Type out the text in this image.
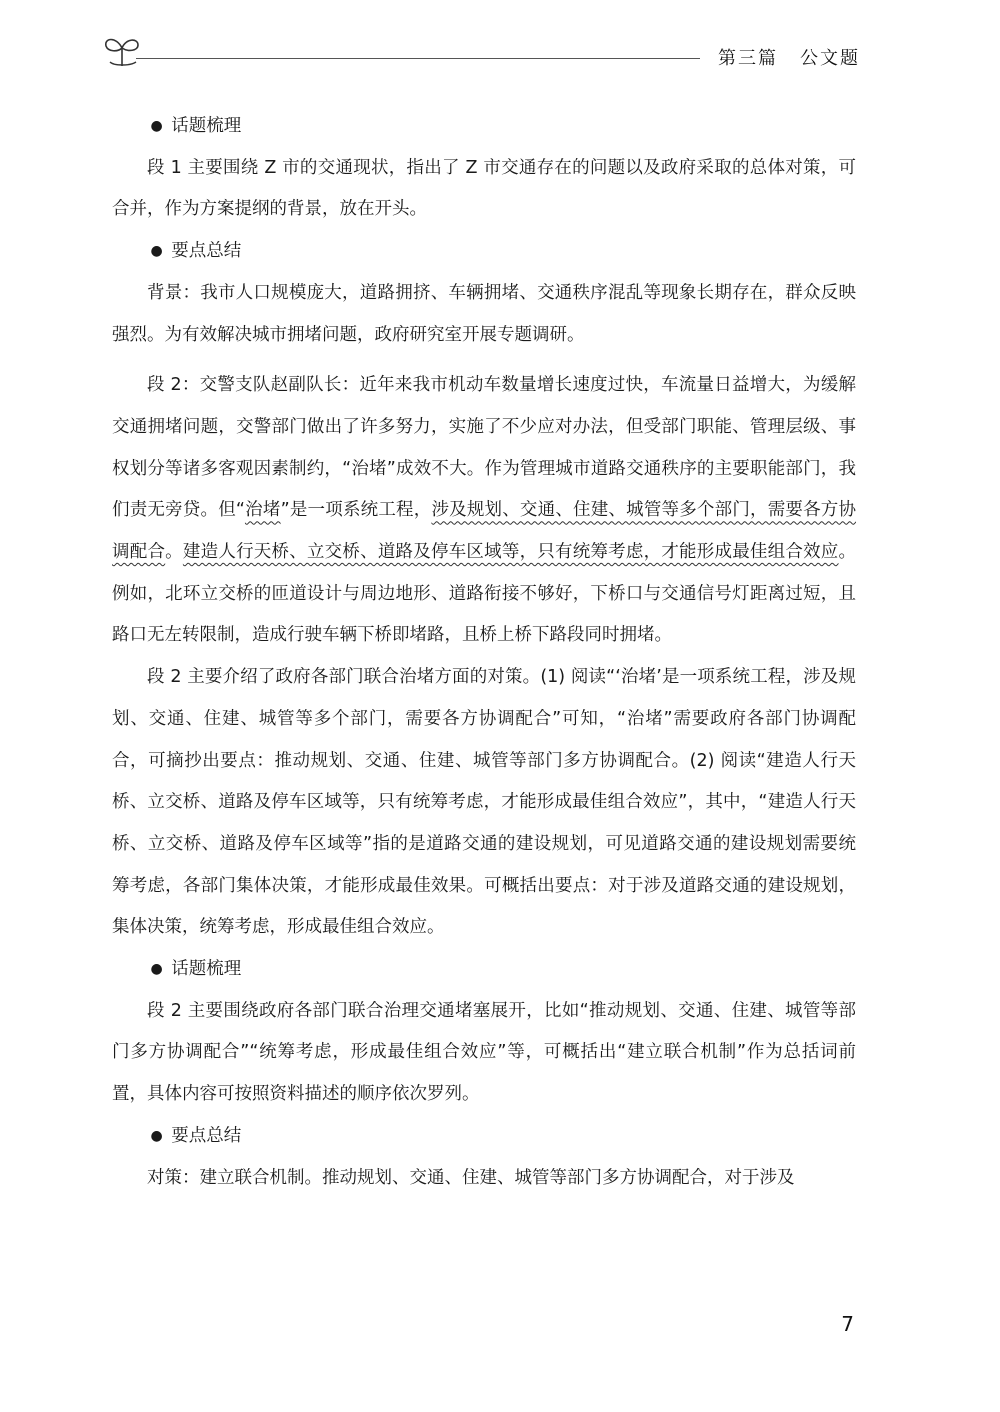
第三篇 公文题

● 话题梳理

段 1 主要围绕 Z 市的交通现状，指出了 Z 市交通存在的问题以及政府采取的总体对策，可合并，作为方案提纲的背景，放在开头。

● 要点总结

背景：我市人口规模庞大，道路拥挤、车辆拥堵、交通秩序混乱等现象长期存在，群众反映强烈。为有效解决城市拥堵问题，政府研究室开展专题调研。

段 2：交警支队赵副队长：近年来我市机动车数量增长速度过快，车流量日益增大，为缓解交通拥堵问题，交警部门做出了许多努力，实施了不少应对办法，但受部门职能、管理层级、事权划分等诸多客观因素制约，“治堵”成效不大。作为管理城市道路交通秩序的主要职能部门，我们责无旁贷。但“治堵”是一项系统工程，涉及规划、交通、住建、城管等多个部门，需要各方协调配合。建造人行天桥、立交桥、道路及停车区域等，只有统筹考虑，才能形成最佳组合效应。例如，北环立交桥的匝道设计与周边地形、道路衔接不够好，下桥口与交通信号灯距离过短，且路口无左转限制，造成行驶车辆下桥即堵路，且桥上桥下路段同时拥堵。

段 2 主要介绍了政府各部门联合治堵方面的对策。(1) 阅读“‘治堵’是一项系统工程，涉及规划、交通、住建、城管等多个部门，需要各方协调配合”可知，“治堵”需要政府各部门协调配合，可摘抄出要点：推动规划、交通、住建、城管等部门多方协调配合。(2) 阅读“建造人行天桥、立交桥、道路及停车区域等，只有统筹考虑，才能形成最佳组合效应”，其中，“建造人行天桥、立交桥、道路及停车区域等”指的是道路交通的建设规划，可见道路交通的建设规划需要统筹考虑，各部门集体决策，才能形成最佳效果。可概括出要点：对于涉及道路交通的建设规划，集体决策，统筹考虑，形成最佳组合效应。

● 话题梳理

段 2 主要围绕政府各部门联合治理交通堵塞展开，比如“推动规划、交通、住建、城管等部门多方协调配合”“统筹考虑，形成最佳组合效应”等，可概括出“建立联合机制”作为总括词前置，具体内容可按照资料描述的顺序依次罗列。

● 要点总结

对策：建立联合机制。推动规划、交通、住建、城管等部门多方协调配合，对于涉及

7
